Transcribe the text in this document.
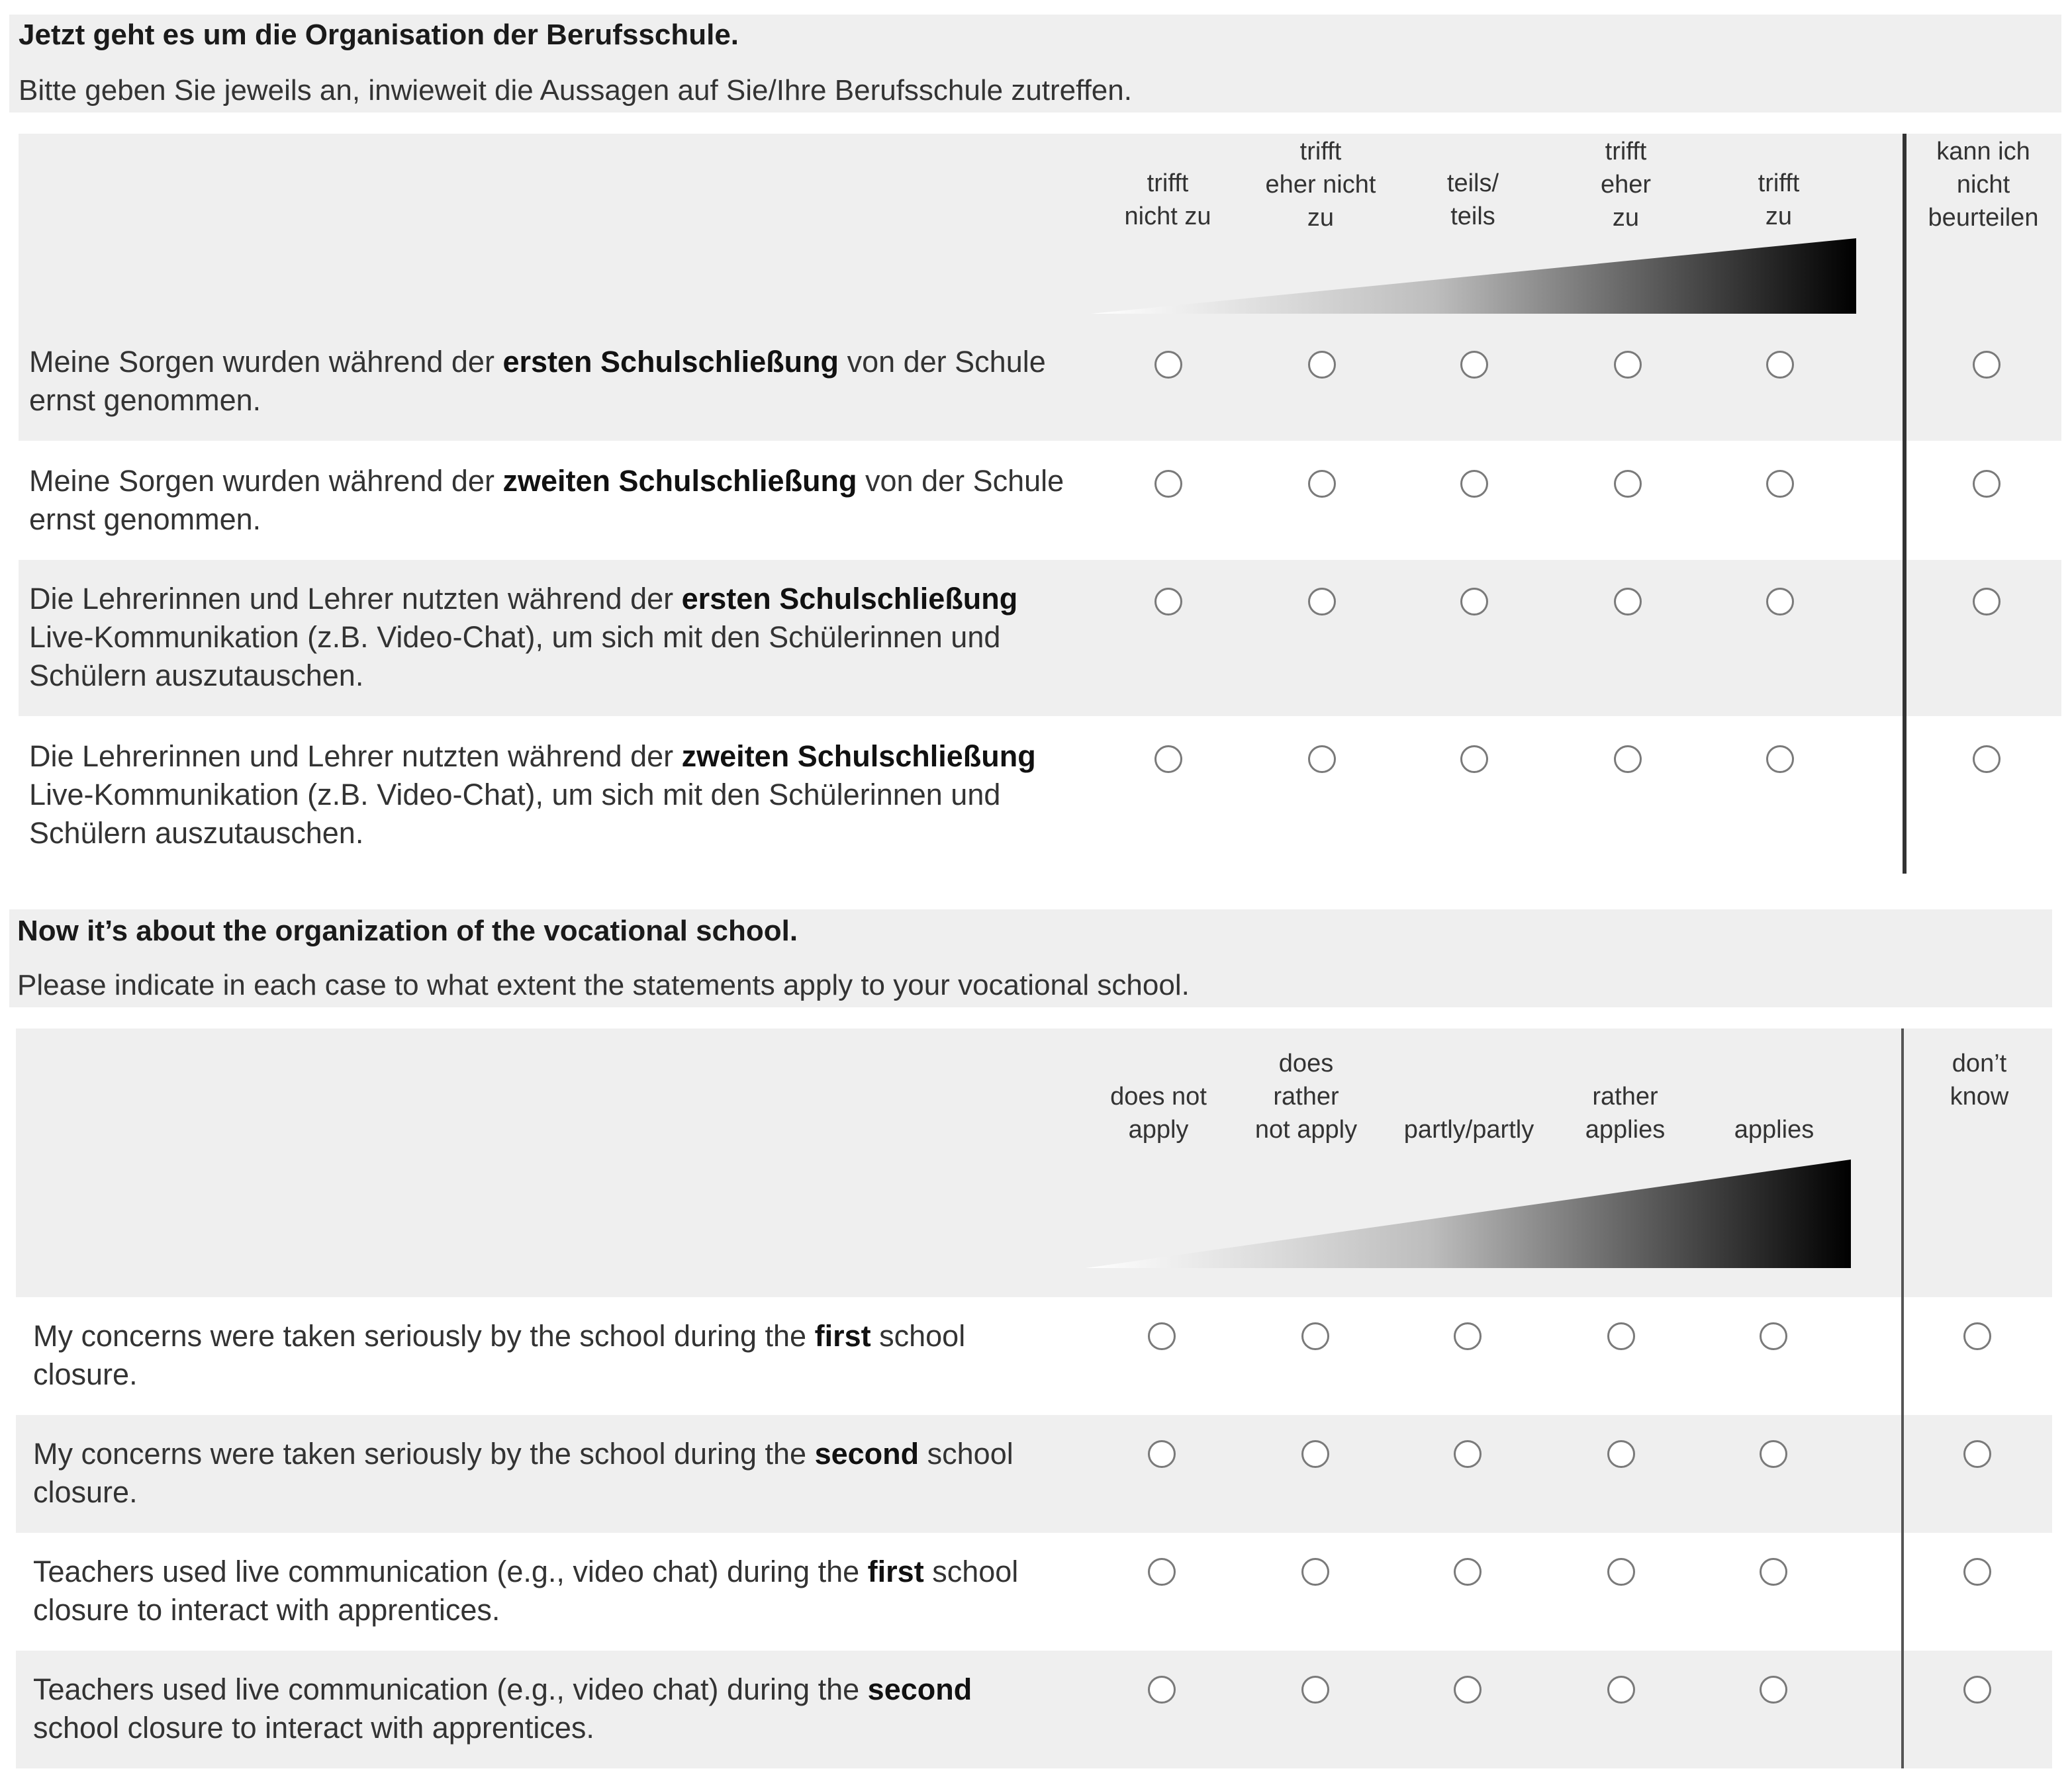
Jetzt geht es um die Organisation der Berufsschule.
Bitte geben Sie jeweils an, inwieweit die Aussagen auf Sie/Ihre Berufsschule zutreffen.
trifft
nicht zu
trifft
eher nicht
zu
teils/
teils
trifft
eher
zu
trifft
zu
kann ich
nicht
beurteilen
Meine Sorgen wurden während der ersten Schulschließung von der Schule ernst genommen.
Meine Sorgen wurden während der zweiten Schulschließung von der Schule ernst genommen.
Die Lehrerinnen und Lehrer nutzten während der ersten Schulschließung Live-Kommunikation (z.B. Video-Chat), um sich mit den Schülerinnen und Schülern auszutauschen.
Die Lehrerinnen und Lehrer nutzten während der zweiten Schulschließung Live-Kommunikation (z.B. Video-Chat), um sich mit den Schülerinnen und Schülern auszutauschen.
Now it’s about the organization of the vocational school.
Please indicate in each case to what extent the statements apply to your vocational school.
does not
apply
does
rather
not apply	partly/partly
rather
applies	applies
don’t
know
My concerns were taken seriously by the school during the first school closure.
My concerns were taken seriously by the school during the second school closure.
Teachers used live communication (e.g., video chat) during the first school closure to interact with apprentices.
Teachers used live communication (e.g., video chat) during the second school closure to interact with apprentices.
